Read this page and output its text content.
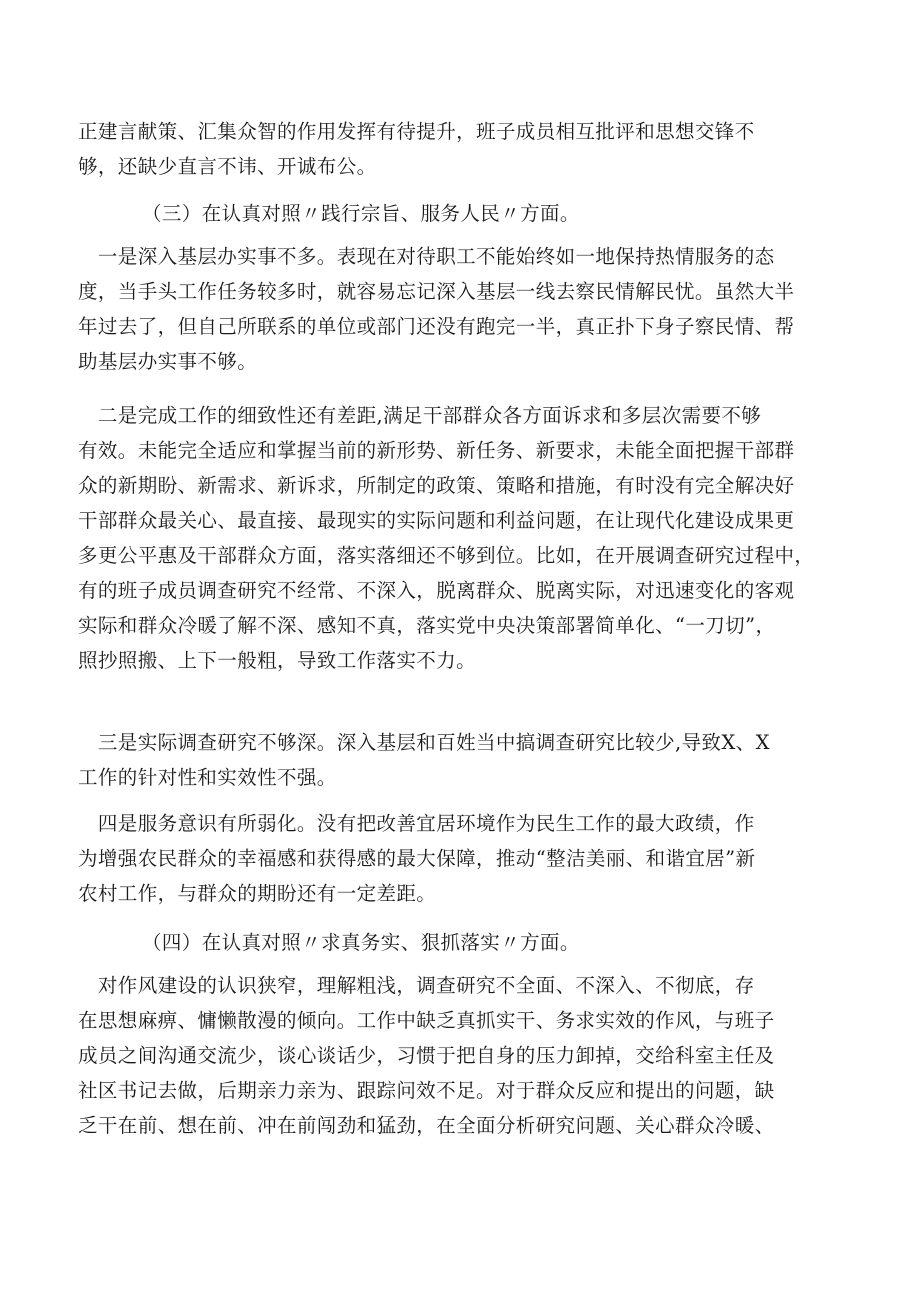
正建言献策、汇集众智的作用发挥有待提升，班子成员相互批评和思想交锋不
够，还缺少直言不讳、开诚布公。

（三）在认真对照〃践行宗旨、服务人民〃方面。

　一是深入基层办实事不多。表现在对待职工不能始终如一地保持热情服务的态
度，当手头工作任务较多时，就容易忘记深入基层一线去察民情解民忧。虽然大半
年过去了，但自己所联系的单位或部门还没有跑完一半，真正扑下身子察民情、帮
助基层办实事不够。

　二是完成工作的细致性还有差距,满足干部群众各方面诉求和多层次需要不够
有效。未能完全适应和掌握当前的新形势、新任务、新要求，未能全面把握干部群
众的新期盼、新需求、新诉求，所制定的政策、策略和措施，有时没有完全解决好
干部群众最关心、最直接、最现实的实际问题和利益问题，在让现代化建设成果更
多更公平惠及干部群众方面，落实落细还不够到位。比如，在开展调查研究过程中，
有的班子成员调查研究不经常、不深入，脱离群众、脱离实际，对迅速变化的客观
实际和群众冷暖了解不深、感知不真，落实党中央决策部署简单化、“一刀切”，
照抄照搬、上下一般粗，导致工作落实不力。

　三是实际调查研究不够深。深入基层和百姓当中搞调查研究比较少,导致X、X
工作的针对性和实效性不强。

　四是服务意识有所弱化。没有把改善宜居环境作为民生工作的最大政绩，作
为增强农民群众的幸福感和获得感的最大保障，推动“整洁美丽、和谐宜居”新
农村工作，与群众的期盼还有一定差距。

（四）在认真对照〃求真务实、狠抓落实〃方面。

　对作风建设的认识狭窄，理解粗浅，调查研究不全面、不深入、不彻底，存
在思想麻痹、慵懒散漫的倾向。工作中缺乏真抓实干、务求实效的作风，与班子
成员之间沟通交流少，谈心谈话少，习惯于把自身的压力卸掉，交给科室主任及
社区书记去做，后期亲力亲为、跟踪问效不足。对于群众反应和提出的问题，缺
乏干在前、想在前、冲在前闯劲和猛劲，在全面分析研究问题、关心群众冷暖、
